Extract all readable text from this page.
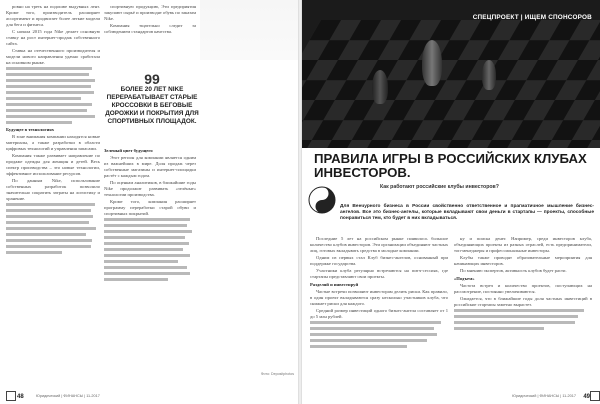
ровно на треть на подошве выдувных лент. Кроме того, производитель расширяет ассортимент и продвигает более легкие модели для бега и фитнеса.

С начала 2015 года Nike делает основную ставку на рост интернет-продаж собственного сайта.

Ставка на отечественного производителя и модели нового направления удачно сработала на основном рынке.

Будущее в технологиях

В зоне внимания компании находятся новые материалы, а также разработки в области цифровых технологий и управления запасами.

Компания также развивает направление по продаже одежды для женщин и детей. Весь спектр производства – это новые технологии, эффективное использование ресурсов.

По данным Nike, использование собственных разработок позволило значительно сократить затраты на логистику и хранение.

спортивную продукцию, Эти предприятия закупают сырьё и производят обувь по заказам Nike.

Компания тщательно следит за соблюдением стандартов качества.

99
БОЛЕЕ 20 ЛЕТ NIKE ПЕРЕРАБАТЫВАЕТ СТАРЫЕ КРОССОВКИ В БЕГОВЫЕ ДОРОЖКИ И ПОКРЫТИЯ ДЛЯ СПОРТИВНЫХ ПЛОЩАДОК.

Зеленый цвет будущего

Этот регион для компании является одним из важнейших в мире. Доля продаж через собственные магазины и интернет-площадки растёт с каждым годом.

По оценкам аналитиков, в ближайшие годы Nike продолжит развивать «зелёные» технологии производства.

Кроме того, компания расширяет программу переработки старой обуви и спортивных покрытий.

Фото: Depositphotos
48	Юридический | ФИНАНСЫ | 11-2017
СПЕЦПРОЕКТ | ИЩЕМ СПОНСОРОВ
ПРАВИЛА ИГРЫ В РОССИЙСКИХ КЛУБАХ ИНВЕСТОРОВ.
Как работают российские клубы инвесторов?
Для Венчурного бизнеса в России свойственно ответственное и прагматичное мышление бизнес-ангелов. Все это бизнес-ангелы, которые вкладывают свои деньги в стартапы — проекты, способные понравиться тем, кто будет в них вкладываться.

Последние 5 лет на российском рынке появилось большое количество клубов инвесторов. Эти организации объединяют частных лиц, готовых вкладывать средства в молодые компании.

Одним из первых стал Клуб бизнес-ангелов, основанный при поддержке государства.

Участники клуба регулярно встречаются на питч-сессиях, где стартапы представляют свои проекты.

Разделяй и инвестируй

Частые встречи позволяют инвесторам делить риски. Как правило, в один проект вкладываются сразу несколько участников клуба, что снижает риски для каждого.

Средний размер инвестиций одного бизнес-ангела составляет от 1 до 5 млн рублей.

ну и поиска денег. Например, среди инвесторов клуба, объединяющих проекты из разных отраслей, есть предприниматели, топ-менеджеры и профессиональные инвесторы.

Клубы также проводят образовательные мероприятия для начинающих инвесторов.

По мнению экспертов, активность клубов будет расти.

«Подъем»

Частота встреч и количество проектов, поступающих на рассмотрение, постоянно увеличиваются.

Ожидается, что в ближайшие годы доля частных инвестиций в российские стартапы заметно вырастет.

Юридический | ФИНАНСЫ | 11-2017 49
